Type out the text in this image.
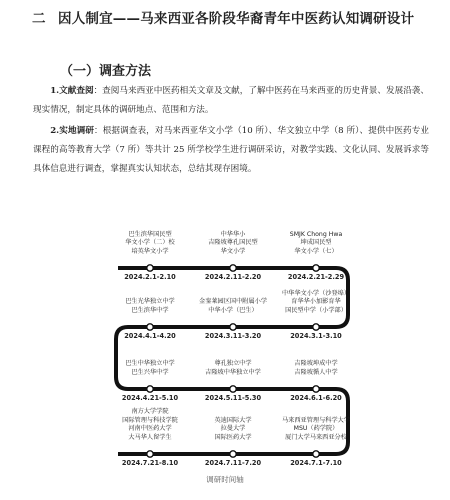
二 因人制宜——马来西亚各阶段华裔青年中医药认知调研设计
（一）调查方法
1.文献查阅：查阅马来西亚中医药相关文章及文献，了解中医药在马来西亚的历史背景、发展沿袭、现实情况，制定具体的调研地点、范围和方法。
2.实地调研：根据调查表，对马来西亚华文小学（10 所）、华文独立中学（8 所）、提供中医药专业课程的高等教育大学（7 所）等共计 25 所学校学生进行调研采访，对教学实践、文化认同、发展诉求等具体信息进行调查，掌握真实认知状态，总结其现存困境。
巴生滨华国民型
华文小学（二）校
培英华文小学
2024.2.1-2.10
中华华小
吉隆坡尊孔国民型
华文小学
2024.2.11-2.20
SMJK Chong Hwa
坤成国民型
华文小学（七）
2024.2.21-2.29
中华华文小学（沙登埠）
育华华小加影育华
国民型中学（小学部）
2024.3.1-3.10
金銮莱园区国中附属小学
中华小学（巴生）
2024.3.11-3.20
巴生光华独立中学
巴生滨华中学
2024.4.1-4.20
巴生中华独立中学
巴生兴华中学
2024.4.21-5.10
尊孔独立中学
吉隆坡中华独立中学
2024.5.11-5.30
吉隆坡坤成中学
吉隆坡循人中学
2024.6.1-6.20
马来西亚管理与科学大学
MSU（药学院）
厦门大学马来西亚分校
2024.7.1-7.10
英迪国际大学
拉曼大学
国际医药大学
2024.7.11-7.20
南方大学学院
国际管理与科技学院
河南中医药大学
大马华人留学生
2024.7.21-8.10
调研时间轴
